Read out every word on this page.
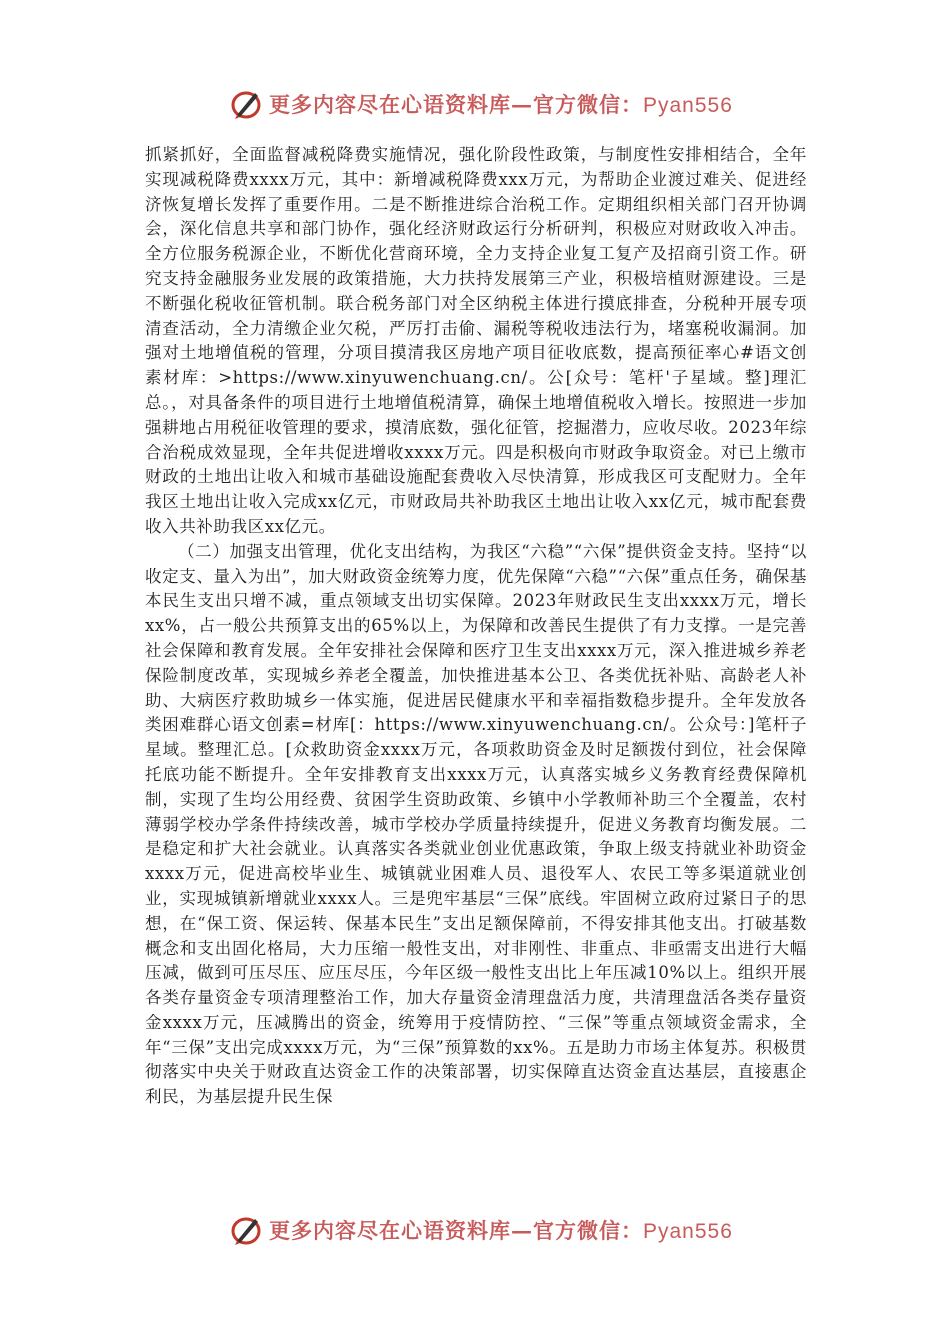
更多内容尽在心语资料库—官方微信：Pyan556

抓紧抓好，全面监督减税降费实施情况，强化阶段性政策，与制度性安排相结合，全年实现减税降费xxxx万元，其中：新增减税降费xxx万元，为帮助企业渡过难关、促进经济恢复增长发挥了重要作用。二是不断推进综合治税工作。定期组织相关部门召开协调会，深化信息共享和部门协作，强化经济财政运行分析研判，积极应对财政收入冲击。全方位服务税源企业，不断优化营商环境，全力支持企业复工复产及招商引资工作。研究支持金融服务业发展的政策措施，大力扶持发展第三产业，积极培植财源建设。三是不断强化税收征管机制。联合税务部门对全区纳税主体进行摸底排查，分税种开展专项清查活动，全力清缴企业欠税，严厉打击偷、漏税等税收违法行为，堵塞税收漏洞。加强对土地增值税的管理，分项目摸清我区房地产项目征收底数，提高预征率心#语文创素材库：>https://www.xinyuwenchuang.cn/。公[众号：笔杆'子星域。整]理汇总。，对具备条件的项目进行土地增值税清算，确保土地增值税收入增长。按照进一步加强耕地占用税征收管理的要求，摸清底数，强化征管，挖掘潜力，应收尽收。2023年综合治税成效显现，全年共促进增收xxxx万元。四是积极向市财政争取资金。对已上缴市财政的土地出让收入和城市基础设施配套费收入尽快清算，形成我区可支配财力。全年我区土地出让收入完成xx亿元，市财政局共补助我区土地出让收入xx亿元，城市配套费收入共补助我区xx亿元。

（二）加强支出管理，优化支出结构，为我区“六稳”“六保”提供资金支持。坚持“以收定支、量入为出”，加大财政资金统筹力度，优先保障“六稳”“六保”重点任务，确保基本民生支出只增不减，重点领域支出切实保障。2023年财政民生支出xxxx万元，增长xx%，占一般公共预算支出的65%以上，为保障和改善民生提供了有力支撑。一是完善社会保障和教育发展。全年安排社会保障和医疗卫生支出xxxx万元，深入推进城乡养老保险制度改革，实现城乡养老全覆盖，加快推进基本公卫、各类优抚补贴、高龄老人补助、大病医疗救助城乡一体实施，促进居民健康水平和幸福指数稳步提升。全年发放各类困难群心语文创素=材库[：https://www.xinyuwenchuang.cn/。公众号：]笔杆子星域。整理汇总。[众救助资金xxxx万元，各项救助资金及时足额拨付到位，社会保障托底功能不断提升。全年安排教育支出xxxx万元，认真落实城乡义务教育经费保障机制，实现了生均公用经费、贫困学生资助政策、乡镇中小学教师补助三个全覆盖，农村薄弱学校办学条件持续改善，城市学校办学质量持续提升，促进义务教育均衡发展。二是稳定和扩大社会就业。认真落实各类就业创业优惠政策，争取上级支持就业补助资金xxxx万元，促进高校毕业生、城镇就业困难人员、退役军人、农民工等多渠道就业创业，实现城镇新增就业xxxx人。三是兜牢基层“三保”底线。牢固树立政府过紧日子的思想，在“保工资、保运转、保基本民生”支出足额保障前，不得安排其他支出。打破基数概念和支出固化格局，大力压缩一般性支出，对非刚性、非重点、非亟需支出进行大幅压减，做到可压尽压、应压尽压，今年区级一般性支出比上年压减10%以上。组织开展各类存量资金专项清理整治工作，加大存量资金清理盘活力度，共清理盘活各类存量资金xxxx万元，压减腾出的资金，统筹用于疫情防控、“三保”等重点领域资金需求，全年“三保”支出完成xxxx万元，为“三保”预算数的xx%。五是助力市场主体复苏。积极贯彻落实中央关于财政直达资金工作的决策部署，切实保障直达资金直达基层，直接惠企利民，为基层提升民生保

更多内容尽在心语资料库—官方微信：Pyan556
